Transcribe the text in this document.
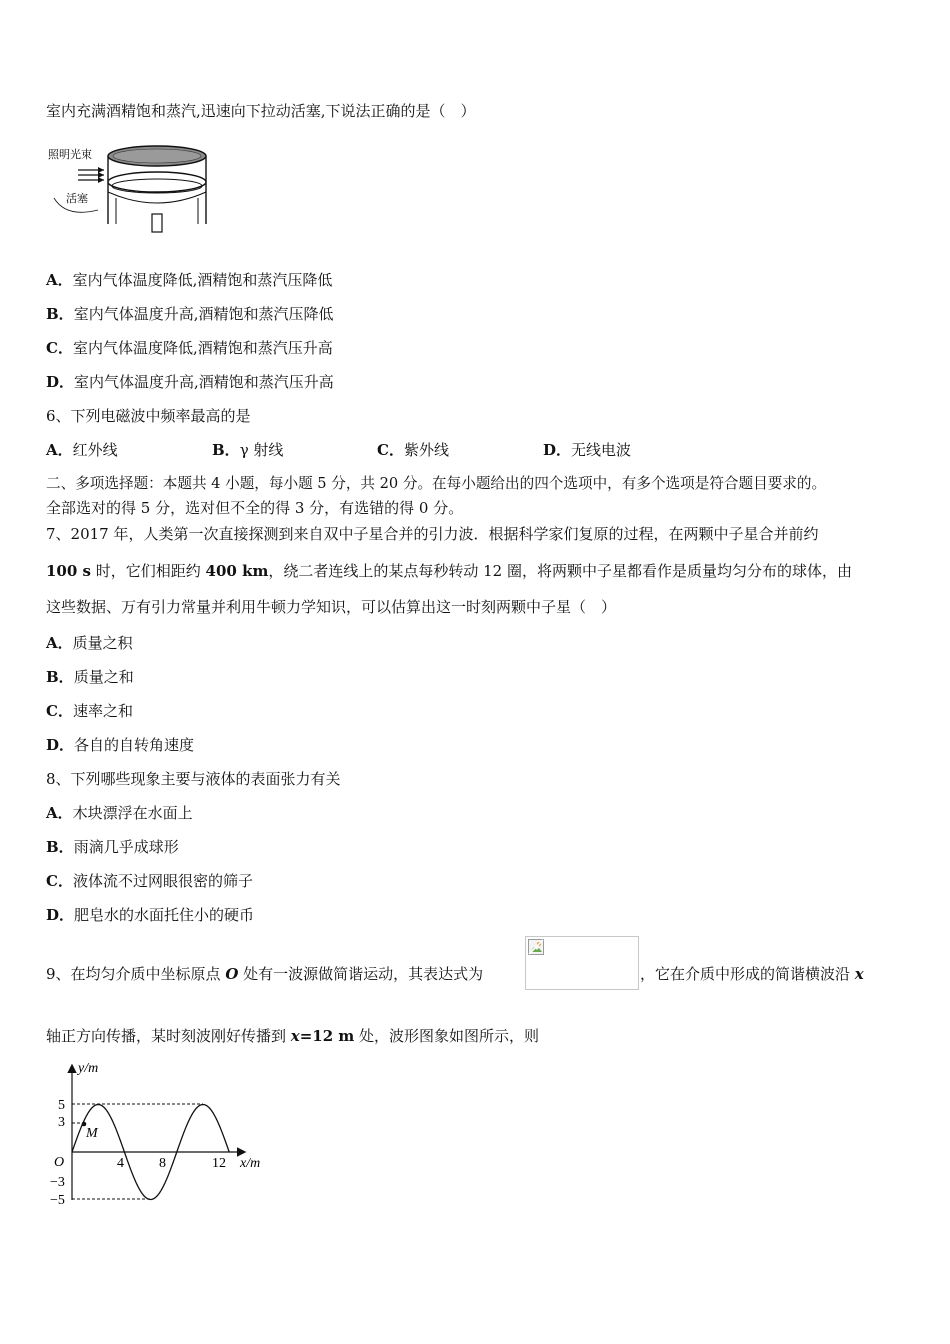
室内充满酒精饱和蒸汽,迅速向下拉动活塞,下说法正确的是（　）
照明光束
活塞
A．室内气体温度降低,酒精饱和蒸汽压降低
B．室内气体温度升高,酒精饱和蒸汽压降低
C．室内气体温度降低,酒精饱和蒸汽压升高
D．室内气体温度升高,酒精饱和蒸汽压升高
6、下列电磁波中频率最高的是
A．红外线	B．γ 射线	C．紫外线	D．无线电波
二、多项选择题：本题共 4 小题，每小题 5 分，共 20 分。在每小题给出的四个选项中，有多个选项是符合题目要求的。
全部选对的得 5 分，选对但不全的得 3 分，有选错的得 0 分。
7、2017 年，人类第一次直接探测到来自双中子星合并的引力波．根据科学家们复原的过程，在两颗中子星合并前约
100 s 时，它们相距约 400 km，绕二者连线上的某点每秒转动 12 圈，将两颗中子星都看作是质量均匀分布的球体，由
这些数据、万有引力常量并利用牛顿力学知识，可以估算出这一时刻两颗中子星（　）
A．质量之积
B．质量之和
C．速率之和
D．各自的自转角速度
8、下列哪些现象主要与液体的表面张力有关
A．木块漂浮在水面上
B．雨滴几乎成球形
C．液体流不过网眼很密的筛子
D．肥皂水的水面托住小的硬币
9、在均匀介质中坐标原点 O 处有一波源做简谐运动，其表达式为	，它在介质中形成的简谐横波沿 x
轴正方向传播，某时刻波刚好传播到 x=12 m 处，波形图象如图所示，则
y/m
x/m
O
M
5
3
−3
−5
4	8	12
